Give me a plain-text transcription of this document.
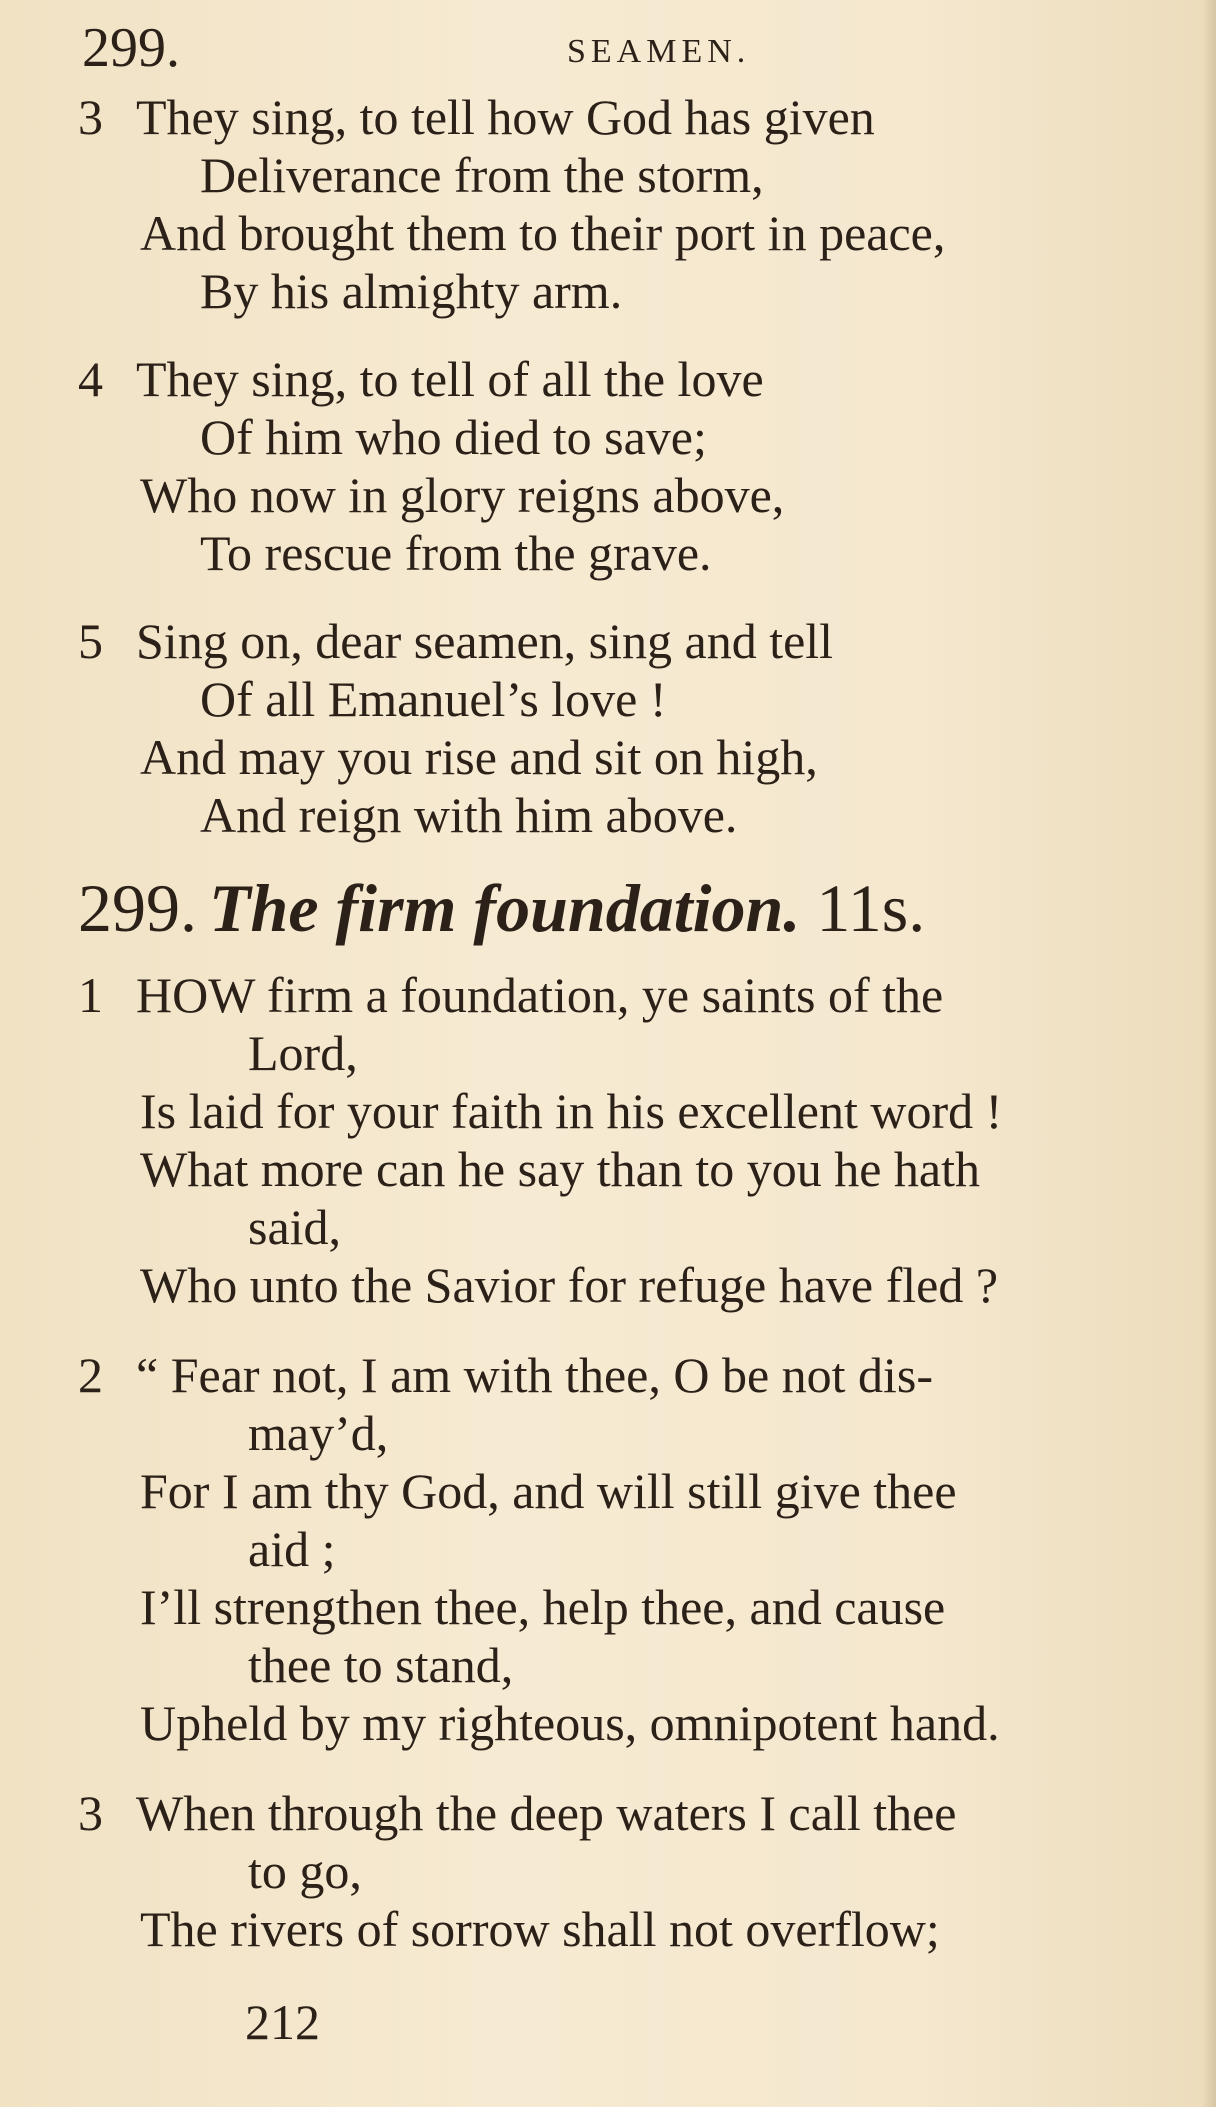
299.	SEAMEN.
3 They sing, to tell how God has given
Deliverance from the storm,
And brought them to their port in peace,
By his almighty arm.
4 They sing, to tell of all the love
Of him who died to save;
Who now in glory reigns above,
To rescue from the grave.
5 Sing on, dear seamen, sing and tell
Of all Emanuel’s love !
And may you rise and sit on high,
And reign with him above.
299. The firm foundation. 11s.
1 HOW firm a foundation, ye saints of the
Lord,
Is laid for your faith in his excellent word !
What more can he say than to you he hath
said,
Who unto the Savior for refuge have fled ?
2 “ Fear not, I am with thee, O be not dis-
may’d,
For I am thy God, and will still give thee
aid ;
I’ll strengthen thee, help thee, and cause
thee to stand,
Upheld by my righteous, omnipotent hand.
3 When through the deep waters I call thee
to go,
The rivers of sorrow shall not overflow;
212
